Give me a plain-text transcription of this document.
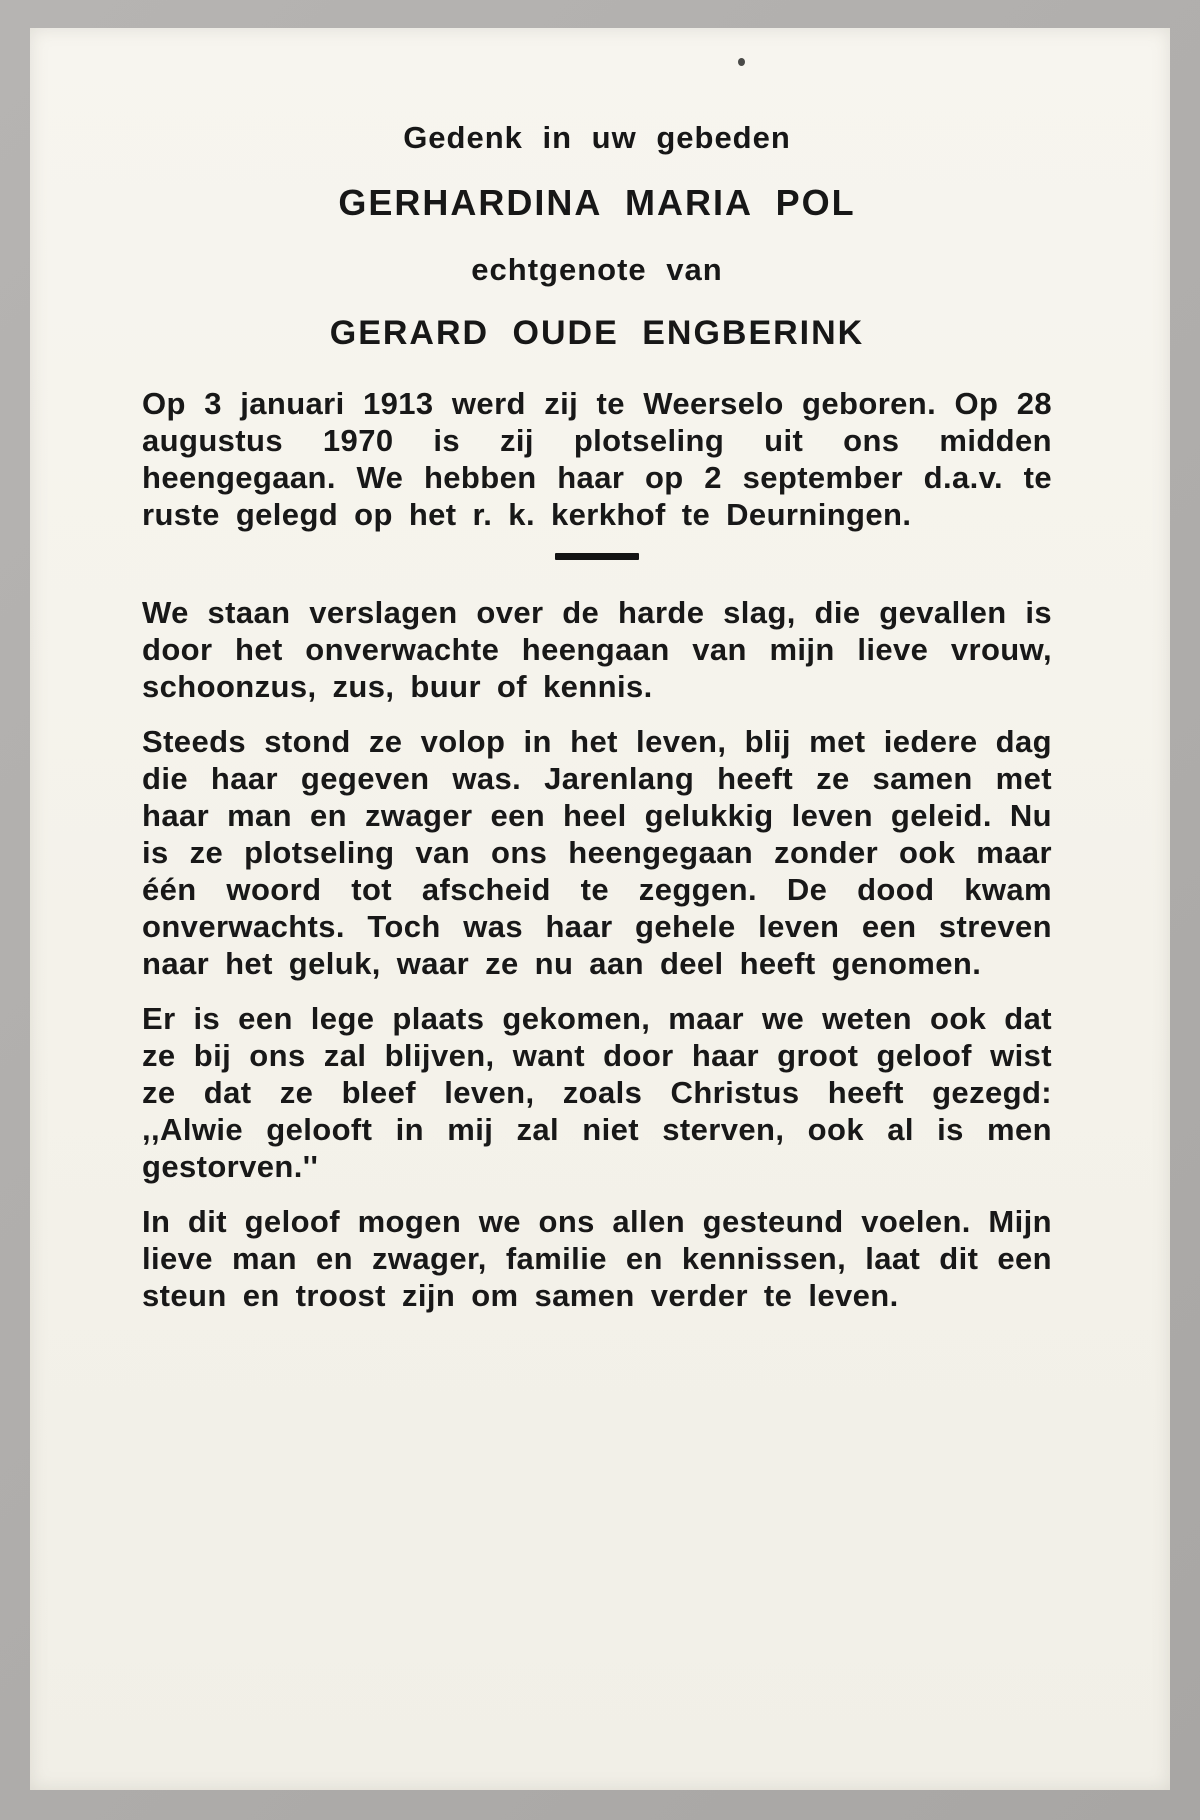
Gedenk in uw gebeden
GERHARDINA MARIA POL
echtgenote van
GERARD OUDE ENGBERINK

Op 3 januari 1913 werd zij te Weerselo geboren. Op 28 augustus 1970 is zij plotseling uit ons midden heengegaan. We hebben haar op 2 september d.a.v. te ruste gelegd op het r. k. kerkhof te Deurningen.

We staan verslagen over de harde slag, die gevallen is door het onverwachte heengaan van mijn lieve vrouw, schoonzus, zus, buur of kennis.

Steeds stond ze volop in het leven, blij met iedere dag die haar gegeven was. Jarenlang heeft ze samen met haar man en zwager een heel gelukkig leven geleid. Nu is ze plotseling van ons heengegaan zonder ook maar één woord tot afscheid te zeggen. De dood kwam onverwachts. Toch was haar gehele leven een streven naar het geluk, waar ze nu aan deel heeft genomen.

Er is een lege plaats gekomen, maar we weten ook dat ze bij ons zal blijven, want door haar groot geloof wist ze dat ze bleef leven, zoals Christus heeft gezegd: ,,Alwie gelooft in mij zal niet sterven, ook al is men gestorven.''

In dit geloof mogen we ons allen gesteund voelen. Mijn lieve man en zwager, familie en kennissen, laat dit een steun en troost zijn om samen verder te leven.
